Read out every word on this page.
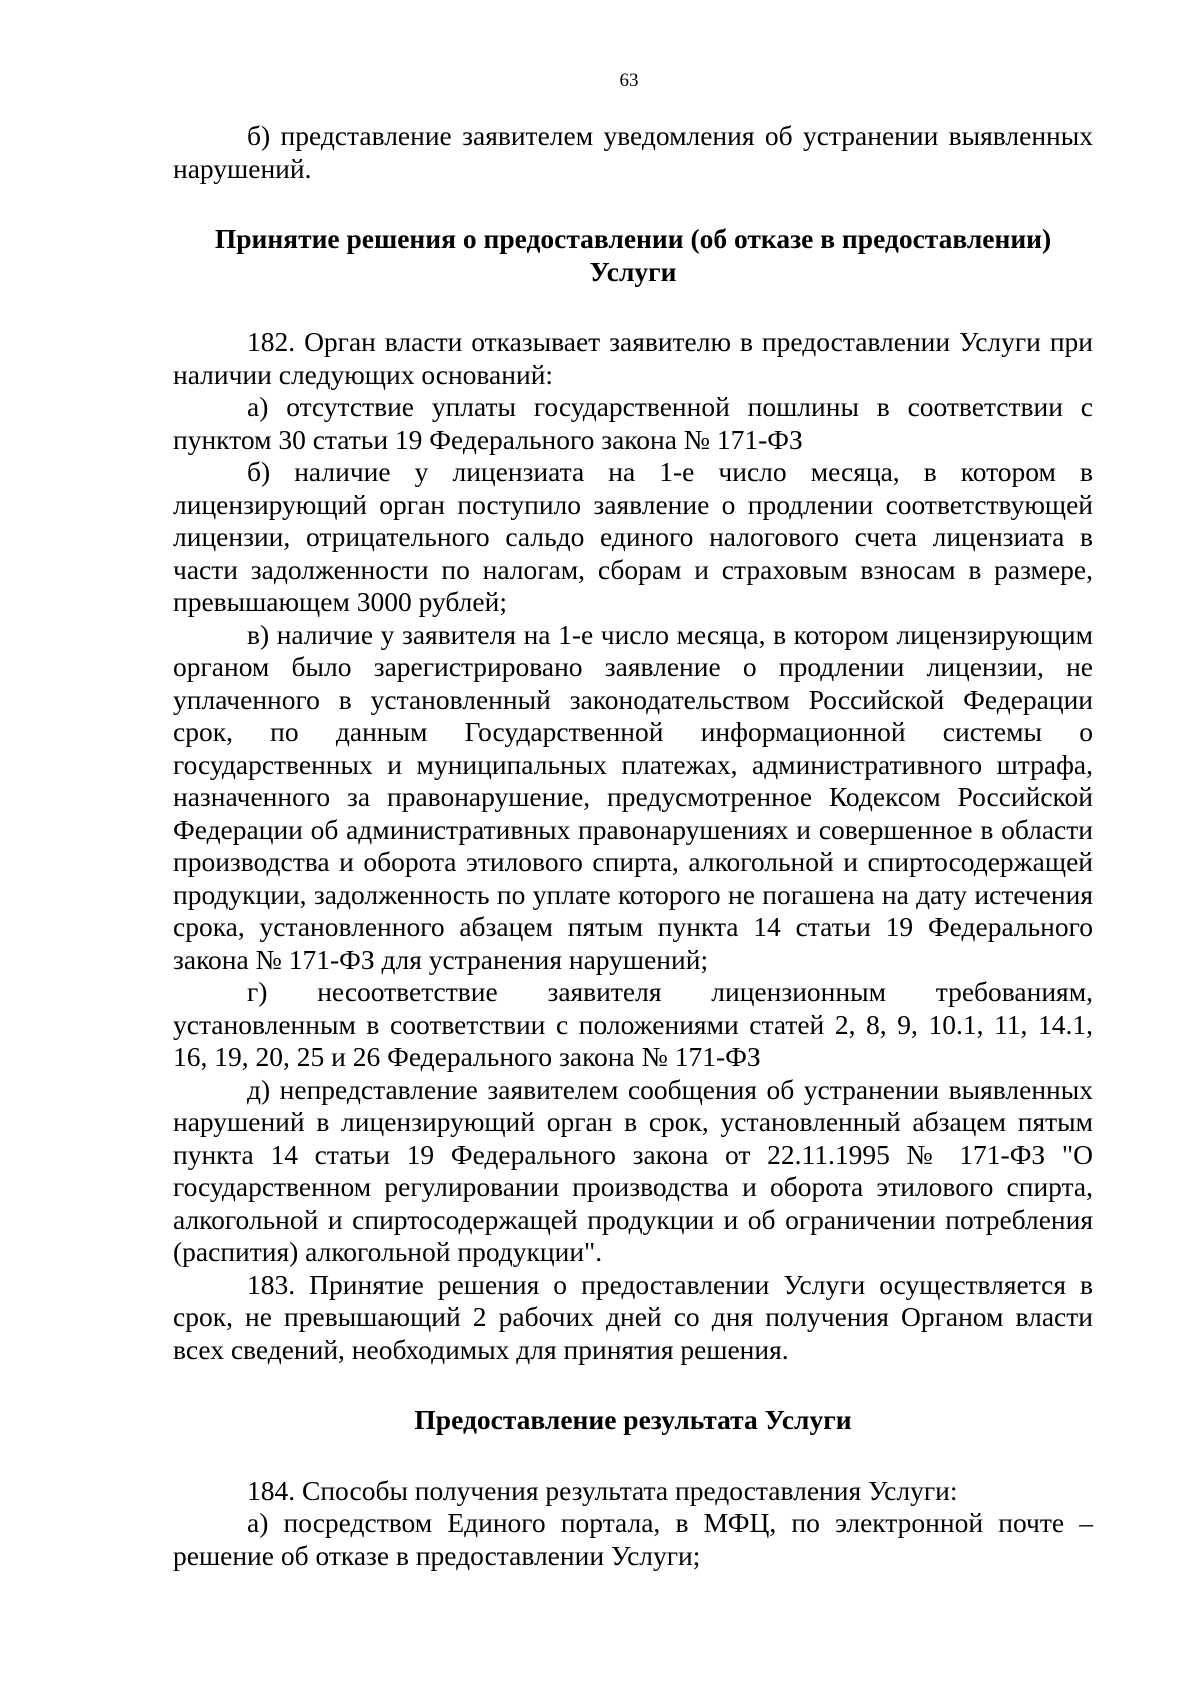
63

б) представление заявителем уведомления об устранении выявленных нарушений.

Принятие решения о предоставлении (об отказе в предоставлении) Услуги

182. Орган власти отказывает заявителю в предоставлении Услуги при наличии следующих оснований:

а) отсутствие уплаты государственной пошлины в соответствии с пунктом 30 статьи 19 Федерального закона № 171-ФЗ

б) наличие у лицензиата на 1-е число месяца, в котором в лицензирующий орган поступило заявление о продлении соответствующей лицензии, отрицательного сальдо единого налогового счета лицензиата в части задолженности по налогам, сборам и страховым взносам в размере, превышающем 3000 рублей;

в) наличие у заявителя на 1-е число месяца, в котором лицензирующим органом было зарегистрировано заявление о продлении лицензии, не уплаченного в установленный законодательством Российской Федерации срок, по данным Государственной информационной системы о государственных и муниципальных платежах, административного штрафа, назначенного за правонарушение, предусмотренное Кодексом Российской Федерации об административных правонарушениях и совершенное в области производства и оборота этилового спирта, алкогольной и спиртосодержащей продукции, задолженность по уплате которого не погашена на дату истечения срока, установленного абзацем пятым пункта 14 статьи 19 Федерального закона № 171-ФЗ для устранения нарушений;

г) несоответствие заявителя лицензионным требованиям, установленным в соответствии с положениями статей 2, 8, 9, 10.1, 11, 14.1, 16, 19, 20, 25 и 26 Федерального закона № 171-ФЗ

д) непредставление заявителем сообщения об устранении выявленных нарушений в лицензирующий орган в срок, установленный абзацем пятым пункта 14 статьи 19 Федерального закона от 22.11.1995 № 171-ФЗ "О государственном регулировании производства и оборота этилового спирта, алкогольной и спиртосодержащей продукции и об ограничении потребления (распития) алкогольной продукции".

183. Принятие решения о предоставлении Услуги осуществляется в срок, не превышающий 2 рабочих дней со дня получения Органом власти всех сведений, необходимых для принятия решения.

Предоставление результата Услуги

184. Способы получения результата предоставления Услуги:

а) посредством Единого портала, в МФЦ, по электронной почте – решение об отказе в предоставлении Услуги;
